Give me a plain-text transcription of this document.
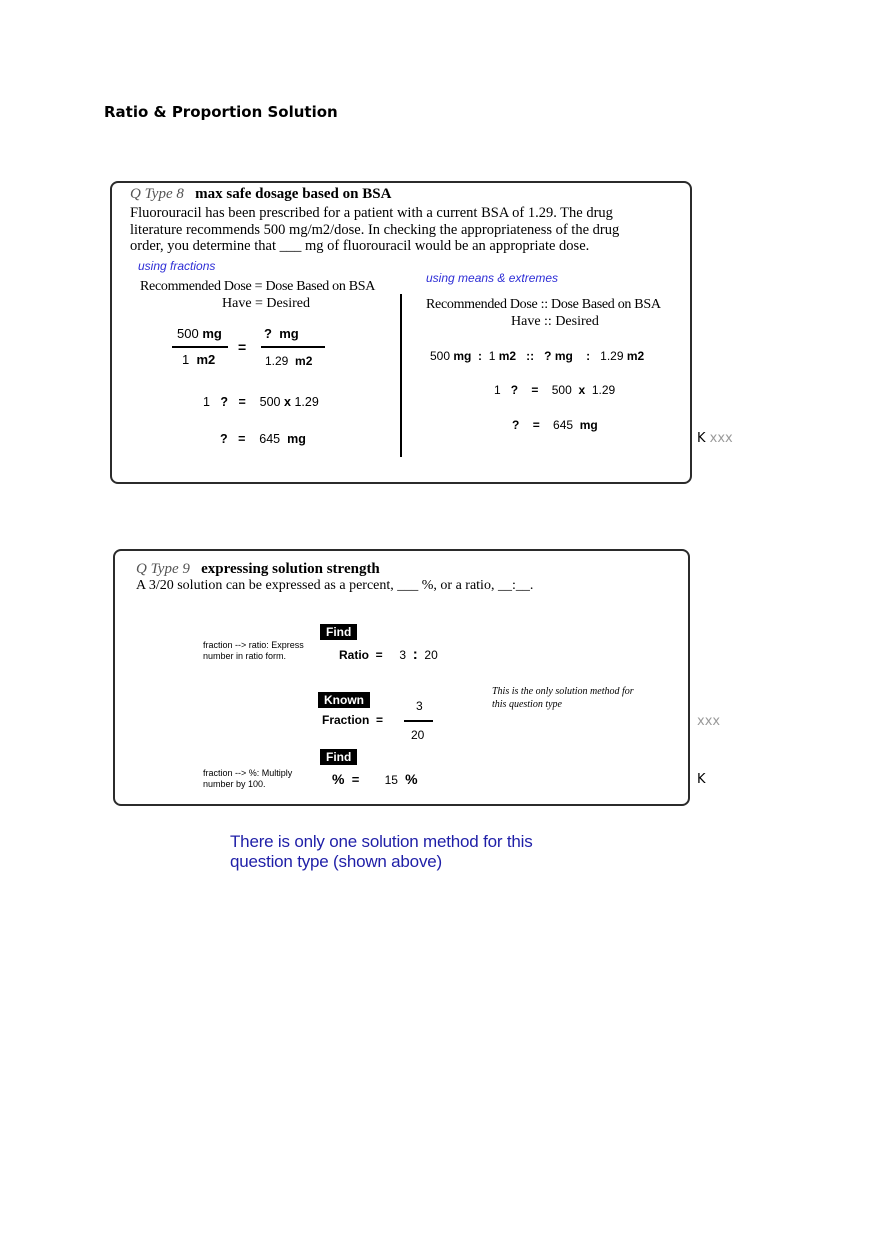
Ratio & Proportion Solution
Q Type 8 max safe dosage based on BSA
Fluorouracil has been prescribed for a patient with a current BSA of 1.29. The drug
literature recommends 500 mg/m2/dose. In checking the appropriateness of the drug
order, you determine that ___ mg of fluorouracil would be an appropriate dose.
using fractions
Recommended Dose = Dose Based on BSA
Have = Desired
500 mg
1 m2
=
? mg
1.29 m2
1 ? = 500 x 1.29
? = 645 mg
using means & extremes
Recommended Dose :: Dose Based on BSA
Have :: Desired
500 mg : 1 m2 :: ? mg : 1.29 m2
1 ? = 500 x 1.29
? = 645 mg
K xxx
Q Type 9 expressing solution strength
A 3/20 solution can be expressed as a percent, ___ %, or a ratio, __:__.
Find
fraction --> ratio: Express
number in ratio form.	Ratio = 3 : 20
Known
Fraction =
3
20
This is the only solution method for
this question type
Find
fraction --> %: Multiply
number by 100.	% = 15 %
xxx
K
There is only one solution method for this
question type (shown above)
